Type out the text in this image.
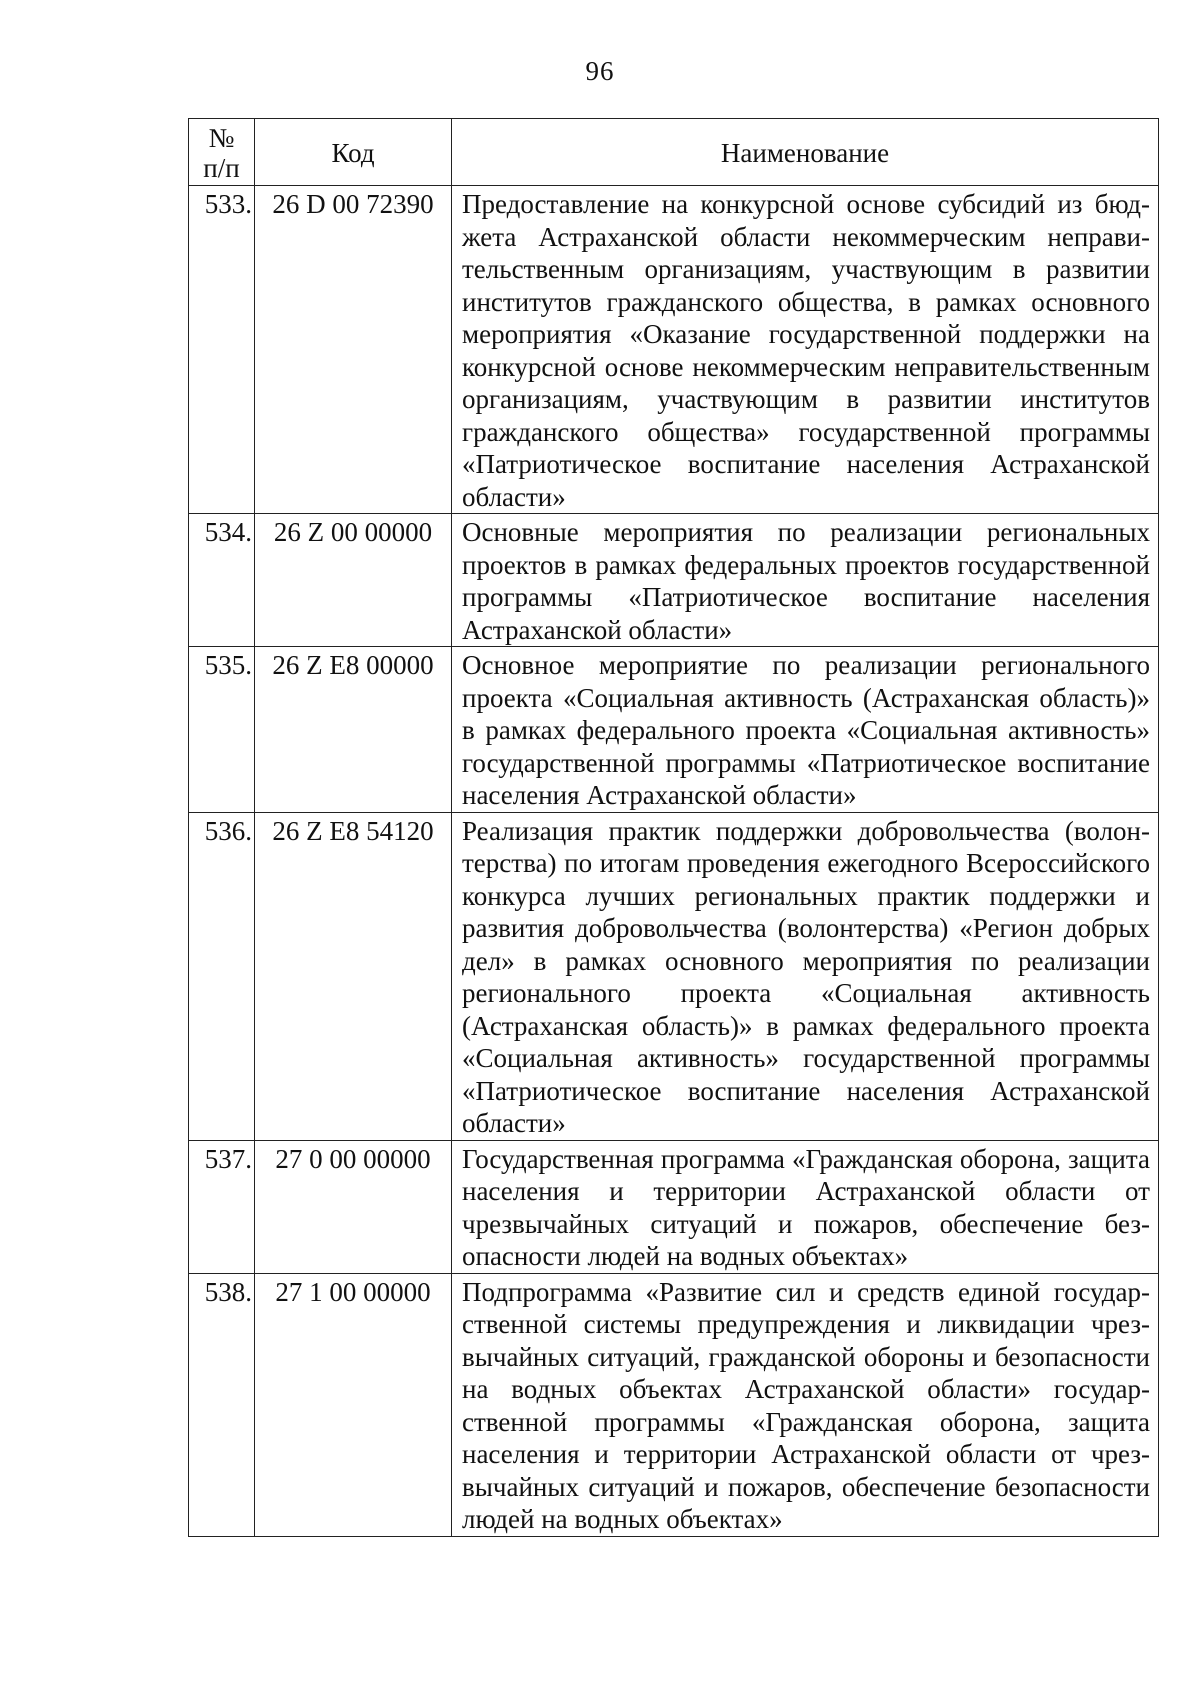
96
№
п/п	Код	Наименование
533.	26 D 00 72390	Предоставление на конкурсной основе субсидий из бюджета Астраханской области некоммерческим неправительственным организациям, участвующим в развитии институтов гражданского общества, в рамках основного мероприятия «Оказание государственной поддержки на конкурсной основе некоммерческим неправительственным организациям, участвующим в развитии институтов гражданского общества» государственной программы «Патриотическое воспитание населения Астраханской области»
534.	26 Z 00 00000	Основные мероприятия по реализации региональных проектов в рамках федеральных проектов государственной программы «Патриотическое воспитание населения Астраханской области»
535.	26 Z E8 00000	Основное мероприятие по реализации регионального проекта «Социальная активность (Астраханская область)» в рамках федерального проекта «Социальная активность» государственной программы «Патриотическое воспитание населения Астраханской области»
536.	26 Z E8 54120	Реализация практик поддержки добровольчества (волонтерства) по итогам проведения ежегодного Всероссийского конкурса лучших региональных практик поддержки и развития добровольчества (волонтерства) «Регион добрых дел» в рамках основного мероприятия по реализации регионального проекта «Социальная активность (Астраханская область)» в рамках федерального проекта «Социальная активность» государственной программы «Патриотическое воспитание населения Астраханской области»
537.	27 0 00 00000	Государственная программа «Гражданская оборона, защита населения и территории Астраханской области от чрезвычайных ситуаций и пожаров, обеспечение безопасности людей на водных объектах»
538.	27 1 00 00000	Подпрограмма «Развитие сил и средств единой государственной системы предупреждения и ликвидации чрезвычайных ситуаций, гражданской обороны и безопасности на водных объектах Астраханской области» государственной программы «Гражданская оборона, защита населения и территории Астраханской области от чрезвычайных ситуаций и пожаров, обеспечение безопасности людей на водных объектах»
